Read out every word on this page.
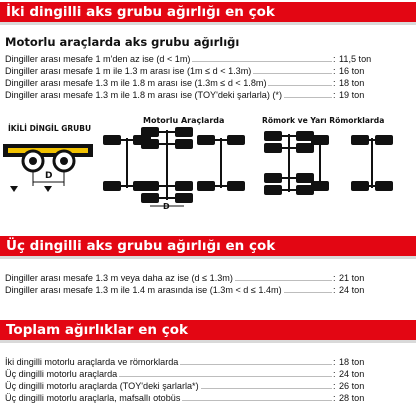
İki dingilli aks grubu ağırlığı en çok
Motorlu araçlarda aks grubu ağırlığı
Dingiller arası mesafe 1 m'den az ise (d < 1m)	: 11,5 ton
Dingiller arası mesafe 1 m ile 1.3 m arası ise (1m ≤ d < 1.3m)	: 16 ton
Dingiller arası mesafe 1.3 m ile 1.8 m arası ise (1.3m ≤ d < 1.8m)	: 18 ton
Dingiller arası mesafe 1.3 m ile 1.8 m arası ise (TOY'deki şarlarla) (*)	: 19 ton
İKİLİ DİNGİL GRUBU
D
Motorlu Araçlarda
D
Römork ve Yarı Römorklarda
Üç dingilli aks grubu ağırlığı en çok
Dingiller arası mesafe 1.3 m veya daha az ise (d ≤ 1.3m)	: 21 ton
Dingiller arası mesafe 1.3 m ile 1.4 m arasında ise (1.3m < d ≤ 1.4m)	: 24 ton
Toplam ağırlıklar en çok
İki dingilli motorlu araçlarda ve römorklarda	: 18 ton
Üç dingilli motorlu araçlarda	: 24 ton
Üç dingilli motorlu araçlarda (TOY'deki şarlarla*)	: 26 ton
Üç dingilli motorlu araçlarla, mafsallı otobüs	: 28 ton
